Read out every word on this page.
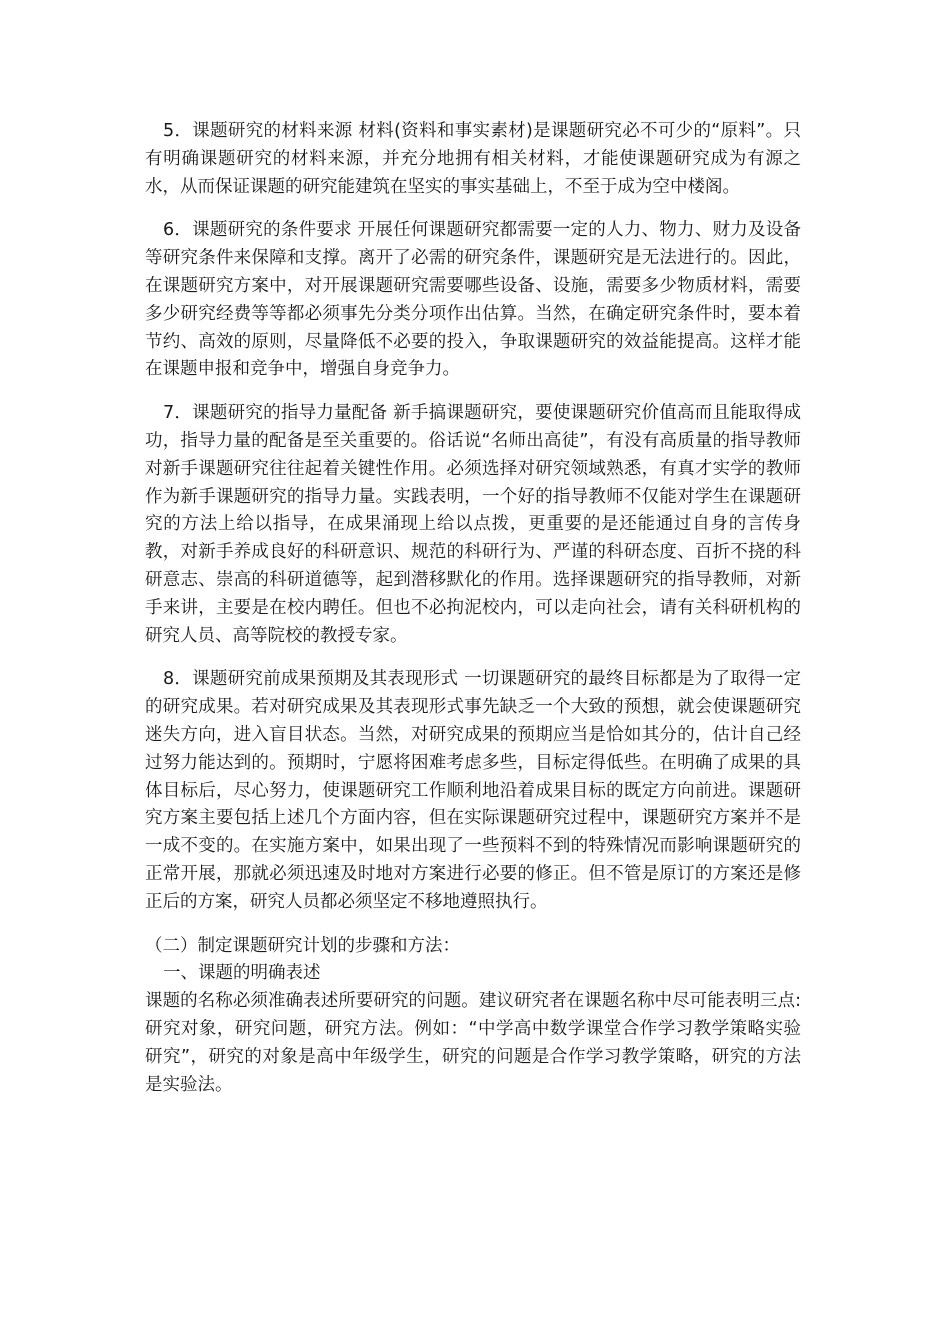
5．课题研究的材料来源 材料(资料和事实素材)是课题研究必不可少的“原料”。只有明确课题研究的材料来源，并充分地拥有相关材料，才能使课题研究成为有源之水，从而保证课题的研究能建筑在坚实的事实基础上，不至于成为空中楼阁。

6．课题研究的条件要求 开展任何课题研究都需要一定的人力、物力、财力及设备等研究条件来保障和支撑。离开了必需的研究条件，课题研究是无法进行的。因此，在课题研究方案中，对开展课题研究需要哪些设备、设施，需要多少物质材料，需要多少研究经费等等都必须事先分类分项作出估算。当然，在确定研究条件时，要本着节约、高效的原则，尽量降低不必要的投入，争取课题研究的效益能提高。这样才能在课题申报和竞争中，增强自身竞争力。

7．课题研究的指导力量配备 新手搞课题研究，要使课题研究价值高而且能取得成功，指导力量的配备是至关重要的。俗话说“名师出高徒”，有没有高质量的指导教师对新手课题研究往往起着关键性作用。必须选择对研究领域熟悉，有真才实学的教师作为新手课题研究的指导力量。实践表明，一个好的指导教师不仅能对学生在课题研究的方法上给以指导，在成果涌现上给以点拨，更重要的是还能通过自身的言传身教，对新手养成良好的科研意识、规范的科研行为、严谨的科研态度、百折不挠的科研意志、崇高的科研道德等，起到潜移默化的作用。选择课题研究的指导教师，对新手来讲，主要是在校内聘任。但也不必拘泥校内，可以走向社会，请有关科研机构的研究人员、高等院校的教授专家。

8．课题研究前成果预期及其表现形式 一切课题研究的最终目标都是为了取得一定的研究成果。若对研究成果及其表现形式事先缺乏一个大致的预想，就会使课题研究迷失方向，进入盲目状态。当然，对研究成果的预期应当是恰如其分的，估计自己经过努力能达到的。预期时，宁愿将困难考虑多些，目标定得低些。在明确了成果的具体目标后，尽心努力，使课题研究工作顺利地沿着成果目标的既定方向前进。课题研究方案主要包括上述几个方面内容，但在实际课题研究过程中，课题研究方案并不是一成不变的。在实施方案中，如果出现了一些预料不到的特殊情况而影响课题研究的正常开展，那就必须迅速及时地对方案进行必要的修正。但不管是原订的方案还是修正后的方案，研究人员都必须坚定不移地遵照执行。

（二）制定课题研究计划的步骤和方法：

一、课题的明确表述

课题的名称必须准确表述所要研究的问题。建议研究者在课题名称中尽可能表明三点:研究对象，研究问题，研究方法。例如：“中学高中数学课堂合作学习教学策略实验研究”，研究的对象是高中年级学生，研究的问题是合作学习教学策略，研究的方法是实验法。
